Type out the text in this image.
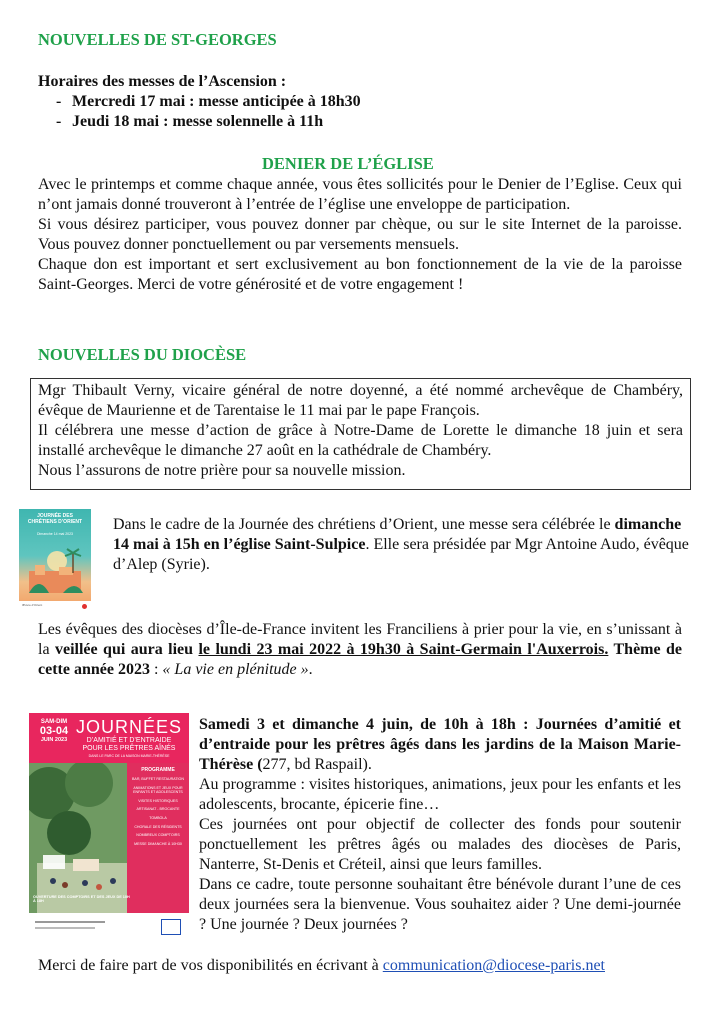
NOUVELLES DE ST-GEORGES
Horaires des messes de l’Ascension :
- Mercredi 17 mai : messe anticipée à 18h30
- Jeudi 18 mai : messe solennelle à 11h
DENIER DE L’ÉGLISE
Avec le printemps et comme chaque année, vous êtes sollicités pour le Denier de l’Eglise. Ceux qui n’ont jamais donné trouveront à l’entrée de l’église une enveloppe de participation.
Si vous désirez participer, vous pouvez donner par chèque, ou sur le site Internet de la paroisse. Vous pouvez donner ponctuellement ou par versements mensuels.
Chaque don est important et sert exclusivement au bon fonctionnement de la vie de la paroisse Saint-Georges. Merci de votre générosité et de votre engagement !
NOUVELLES DU DIOCÈSE

Mgr Thibault Verny, vicaire général de notre doyenné, a été nommé archevêque de Chambéry, évêque de Maurienne et de Tarentaise le 11 mai par le pape François.

Il célébrera une messe d’action de grâce à Notre-Dame de Lorette le dimanche 18 juin et sera installé archevêque le dimanche 27 août en la cathédrale de Chambéry.

Nous l’assurons de notre prière pour sa nouvelle mission.

JOURNÉE DES CHRÉTIENS D’ORIENT
Dimanche 14 mai 2023
Œuvre d’Orient
Dans le cadre de la Journée des chrétiens d’Orient, une messe sera célébrée le dimanche 14 mai à 15h en l’église Saint-Sulpice. Elle sera présidée par Mgr Antoine Audo, évêque d’Alep (Syrie).
Les évêques des diocèses d’Île-de-France invitent les Franciliens à prier pour la vie, en s’unissant à la veillée qui aura lieu le lundi 23 mai 2022 à 19h30 à Saint-Germain l'Auxerrois. Thème de cette année 2023 : « La vie en plénitude ».
SAM-DIM
03-04
JUIN 2023
JOURNÉES
D’AMITIÉ ET D’ENTRAIDE
POUR LES PRÊTRES AÎNÉS
DANS LE PARC DE LA MAISON MARIE-THÉRÈSE
PROGRAMME
BAR, BUFFET RESTAURATION
ANIMATIONS ET JEUX POUR ENFANTS ET ADOLESCENTS
VISITES HISTORIQUES
ARTISANAT - BROCANTE
TOMBOLA
CHORALE DES RÉSIDENTS
NOMBREUX COMPTOIRS
MESSE DIMANCHE À 10H30
OUVERTURE DES COMPTOIRS ET DES JEUX DE 10H À 18H
Samedi 3 et dimanche 4 juin, de 10h à 18h : Journées d’amitié et d’entraide pour les prêtres âgés dans les jardins de la Maison Marie-Thérèse (277, bd Raspail).
Au programme : visites historiques, animations, jeux pour les enfants et les adolescents, brocante, épicerie fine…
Ces journées ont pour objectif de collecter des fonds pour soutenir ponctuellement les prêtres âgés ou malades des diocèses de Paris, Nanterre, St-Denis et Créteil, ainsi que leurs familles.
Dans ce cadre, toute personne souhaitant être bénévole durant l’une de ces deux journées sera la bienvenue. Vous souhaitez aider ? Une demi-journée ? Une journée ? Deux journées ?
Merci de faire part de vos disponibilités en écrivant à communication@diocese-paris.net
